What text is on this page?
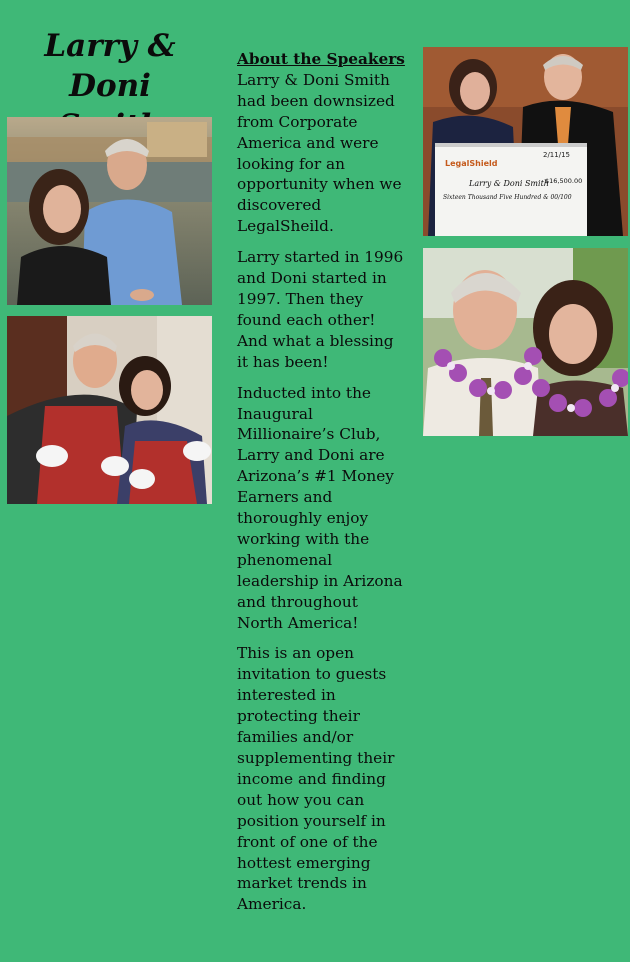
Larry & Doni

LegalShield
2/11/15
Larry & Doni Smith
$16,500.00
Sixteen Thousand Five Hundred & 00/100

About the Speakers
Larry & Doni Smith had been downsized from Corporate America and were looking for an opportunity when we discovered LegalSheild.

Larry started in 1996 and Doni started in 1997. Then they found each other! And what a blessing it has been!

Inducted into the Inaugural Millionaire’s Club, Larry and Doni are Arizona’s #1 Money Earners and thoroughly enjoy working with the phenomenal leadership in Arizona and throughout North America!

This is an open invitation to guests interested in protecting their families and/or supplementing their income and finding out how you can position yourself in front of one of the hottest emerging market trends in America.
